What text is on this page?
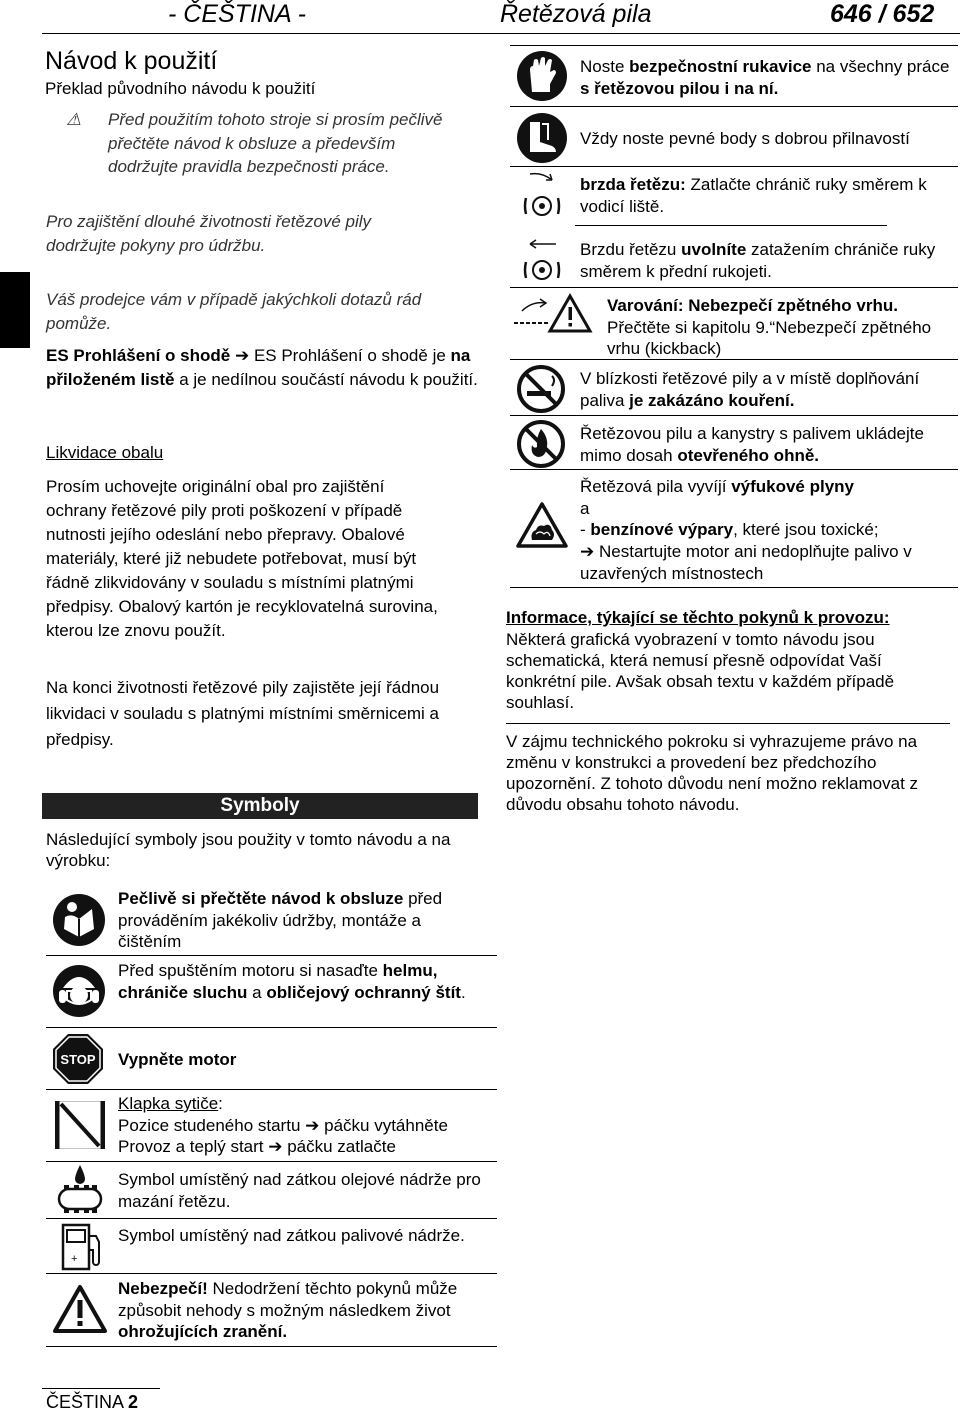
- ČEŠTINA -	Řetězová pila	646 / 652
Návod k použití
Překlad původního návodu k použití
⚠ Před použitím tohoto stroje si prosím pečlivě přečtěte návod k obsluze a především dodržujte pravidla bezpečnosti práce.

Pro zajištění dlouhé životnosti řetězové pily dodržujte pokyny pro údržbu.

Váš prodejce vám v případě jakýchkoli dotazů rád pomůže.

ES Prohlášení o shodě ➔ ES Prohlášení o shodě je na přiloženém listě a je nedílnou součástí návodu k použití.

Likvidace obalu

Prosím uchovejte originální obal pro zajištění ochrany řetězové pily proti poškození v případě nutnosti jejího odeslání nebo přepravy. Obalové materiály, které již nebudete potřebovat, musí být řádně zlikvidovány v souladu s místními platnými předpisy. Obalový kartón je recyklovatelná surovina, kterou lze znovu použít.

Na konci životnosti řetězové pily zajistěte její řádnou likvidaci v souladu s platnými místními směrnicemi a předpisy.

Symboly

Následující symboly jsou použity v tomto návodu a na výrobku:

Pečlivě si přečtěte návod k obsluze před prováděním jakékoliv údržby, montáže a čištěním
Před spuštěním motoru si nasaďte helmu, chrániče sluchu a obličejový ochranný štít.
STOP Vypněte motor
Klapka sytiče:
Pozice studeného startu ➔ páčku vytáhněte
Provoz a teplý start ➔ páčku zatlačte
Symbol umístěný nad zátkou olejové nádrže pro mazání řetězu.
+
Symbol umístěný nad zátkou palivové nádrže.
Nebezpečí! Nedodržení těchto pokynů může způsobit nehody s možným následkem život ohrožujících zranění.
Noste bezpečnostní rukavice na všechny práce s řetězovou pilou i na ní.
Vždy noste pevné body s dobrou přilnavostí
brzda řetězu: Zatlačte chránič ruky směrem k vodicí liště.
Brzdu řetězu uvolníte zatažením chrániče ruky směrem k přední rukojeti.
Varování: Nebezpečí zpětného vrhu.
Přečtěte si kapitolu 9.“Nebezpečí zpětného vrhu (kickback)
V blízkosti řetězové pily a v místě doplňování paliva je zakázáno kouření.
Řetězovou pilu a kanystry s palivem ukládejte mimo dosah otevřeného ohně.
Řetězová pila vyvíjí výfukové plyny
a
- benzínové výpary, které jsou toxické;
➔ Nestartujte motor ani nedoplňujte palivo v uzavřených místnostech
Informace, týkající se těchto pokynů k provozu:

Některá grafická vyobrazení v tomto návodu jsou schematická, která nemusí přesně odpovídat Vaší konkrétní pile. Avšak obsah textu v každém případě souhlasí.

V zájmu technického pokroku si vyhrazujeme právo na změnu v konstrukci a provedení bez předchozího upozornění. Z tohoto důvodu není možno reklamovat z důvodu obsahu tohoto návodu.

ČEŠTINA 2
